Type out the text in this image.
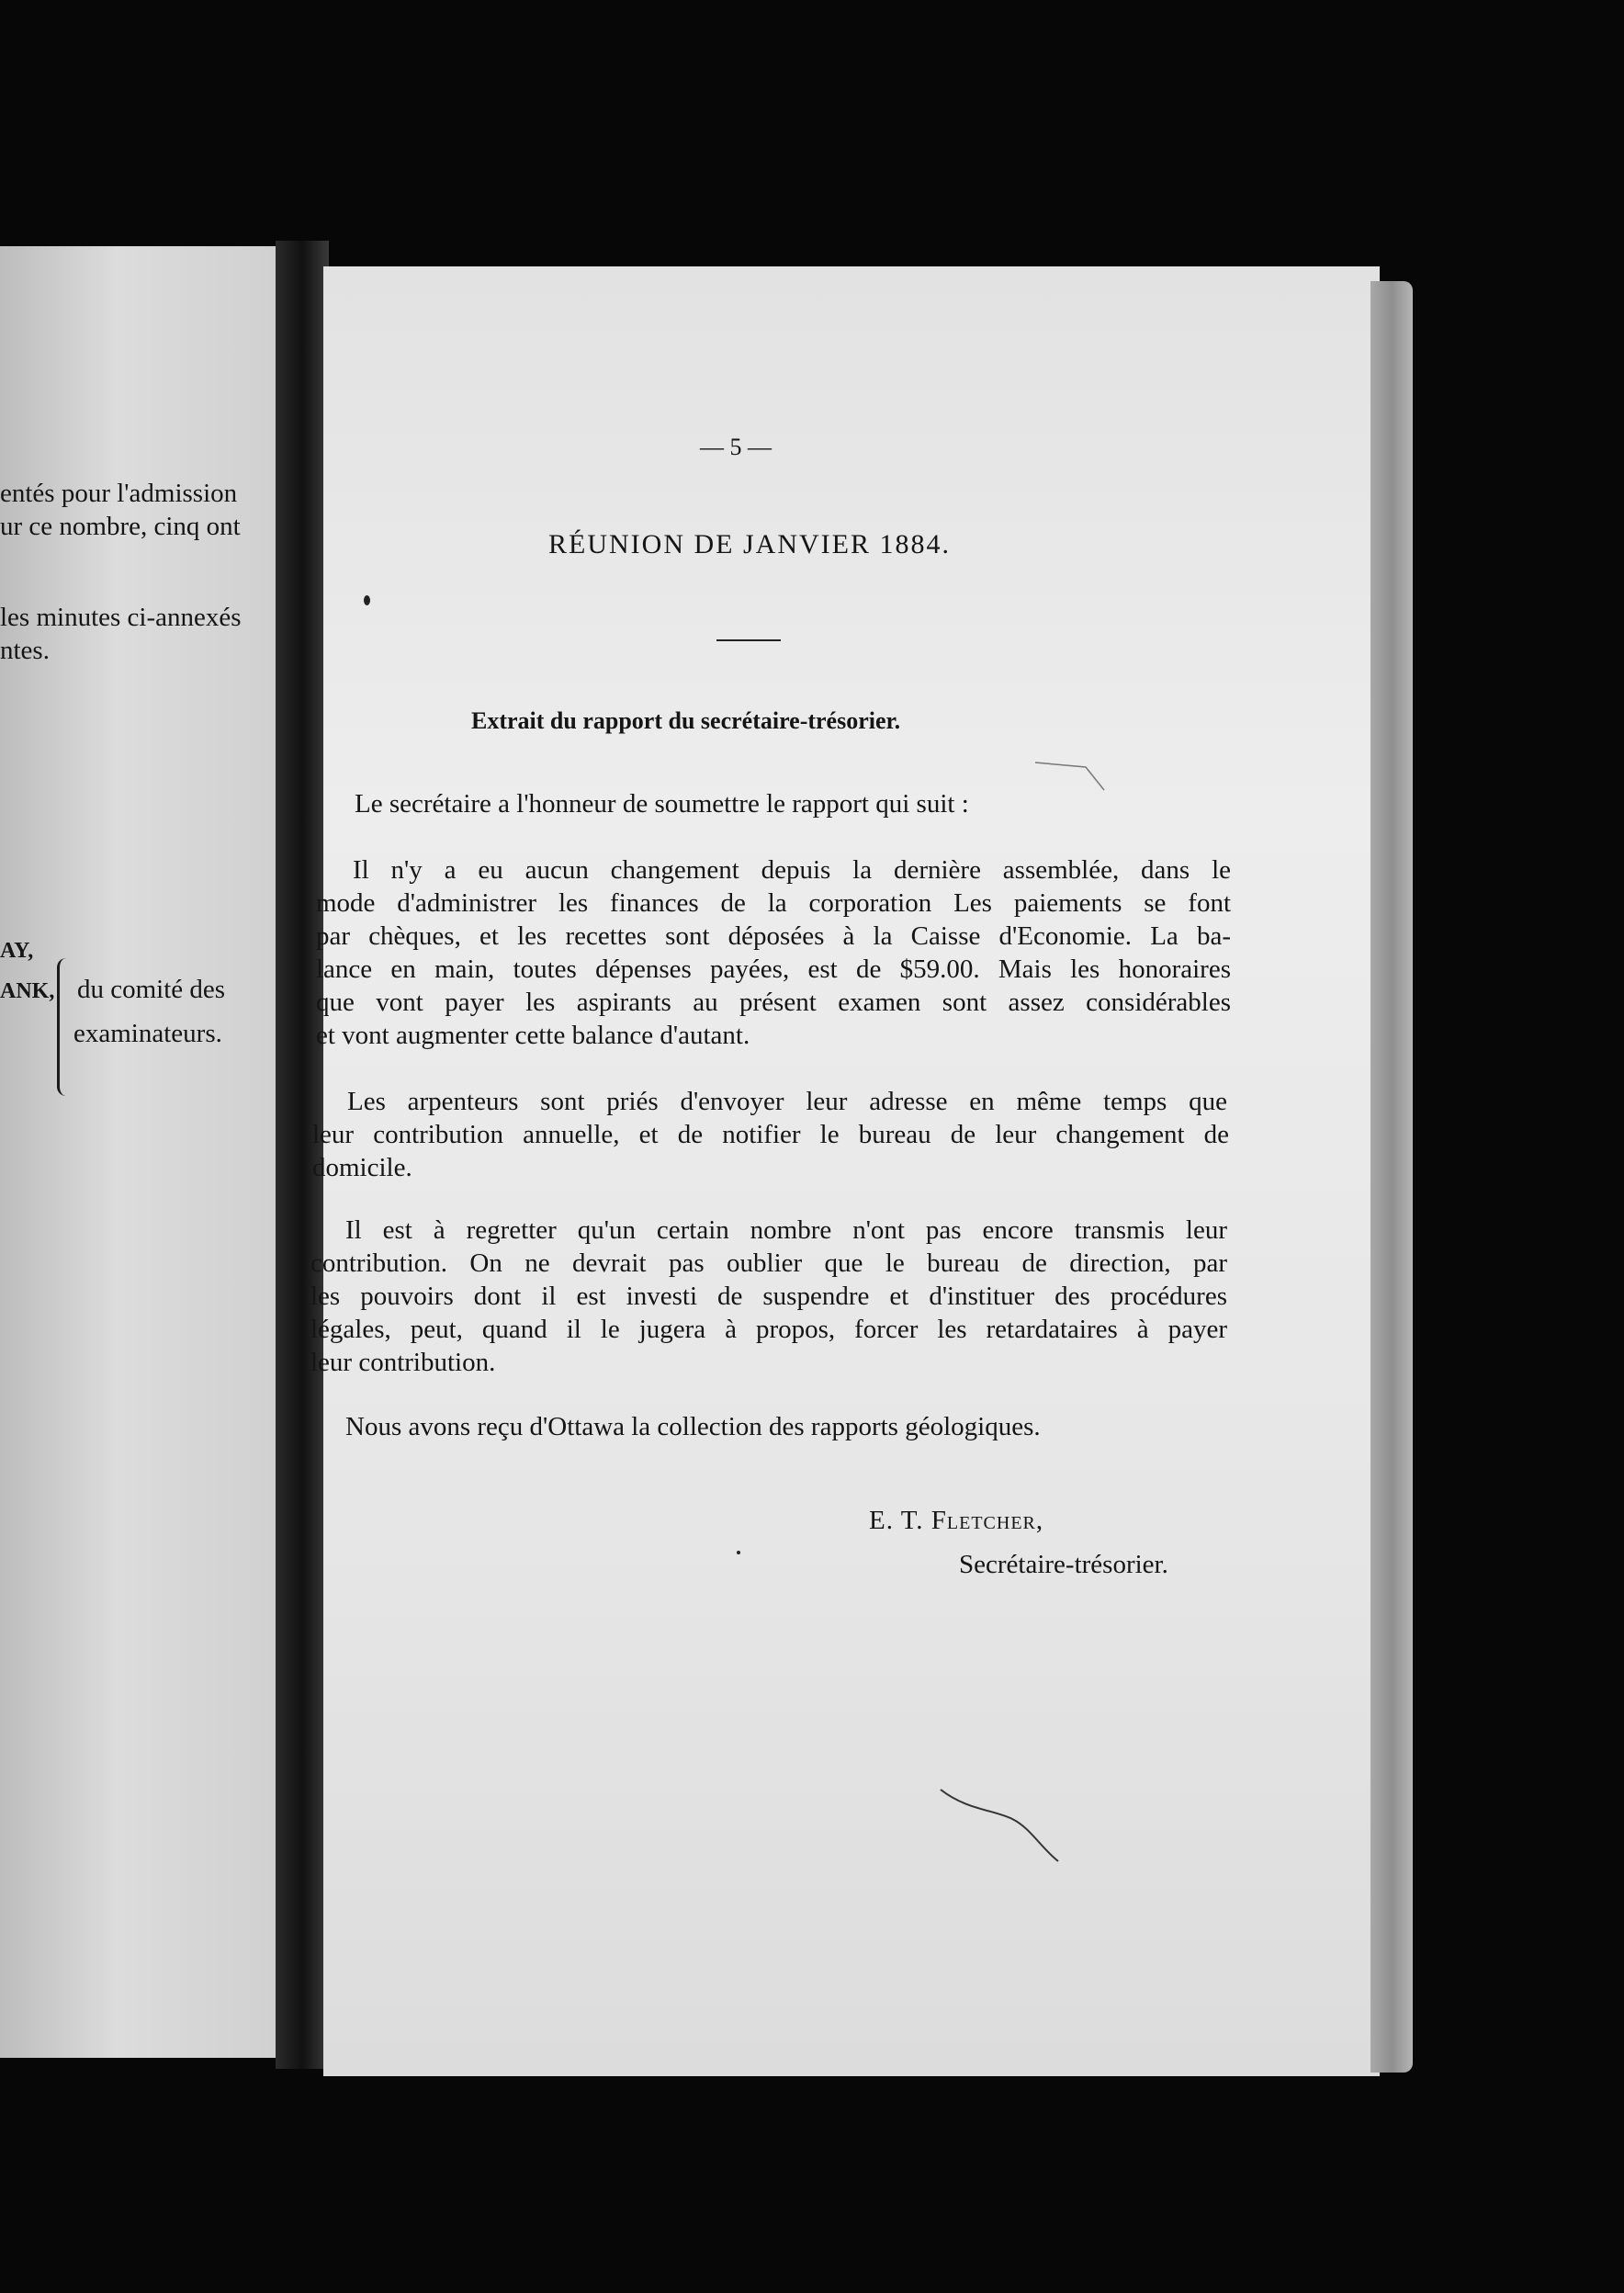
entés pour l'admission
ur ce nombre, cinq ont
les minutes ci-annexés
ntes.
AY,
ANK, du comité des
examinateurs.
— 5 —
RÉUNION DE JANVIER 1884.
Extrait du rapport du secrétaire-trésorier.
Le secrétaire a l'honneur de soumettre le rapport qui suit :
Il n'y a eu aucun changement depuis la dernière assemblée, dans le
mode d'administrer les finances de la corporation Les paiements se font
par chèques, et les recettes sont déposées à la Caisse d'Economie. La ba-
lance en main, toutes dépenses payées, est de $59.00. Mais les honoraires
que vont payer les aspirants au présent examen sont assez considérables
et vont augmenter cette balance d'autant.
Les arpenteurs sont priés d'envoyer leur adresse en même temps que
leur contribution annuelle, et de notifier le bureau de leur changement de
domicile.
Il est à regretter qu'un certain nombre n'ont pas encore transmis leur
contribution. On ne devrait pas oublier que le bureau de direction, par
les pouvoirs dont il est investi de suspendre et d'instituer des procédures
légales, peut, quand il le jugera à propos, forcer les retardataires à payer
leur contribution.
Nous avons reçu d'Ottawa la collection des rapports géologiques.
E. T. Fletcher,
Secrétaire-trésorier.
